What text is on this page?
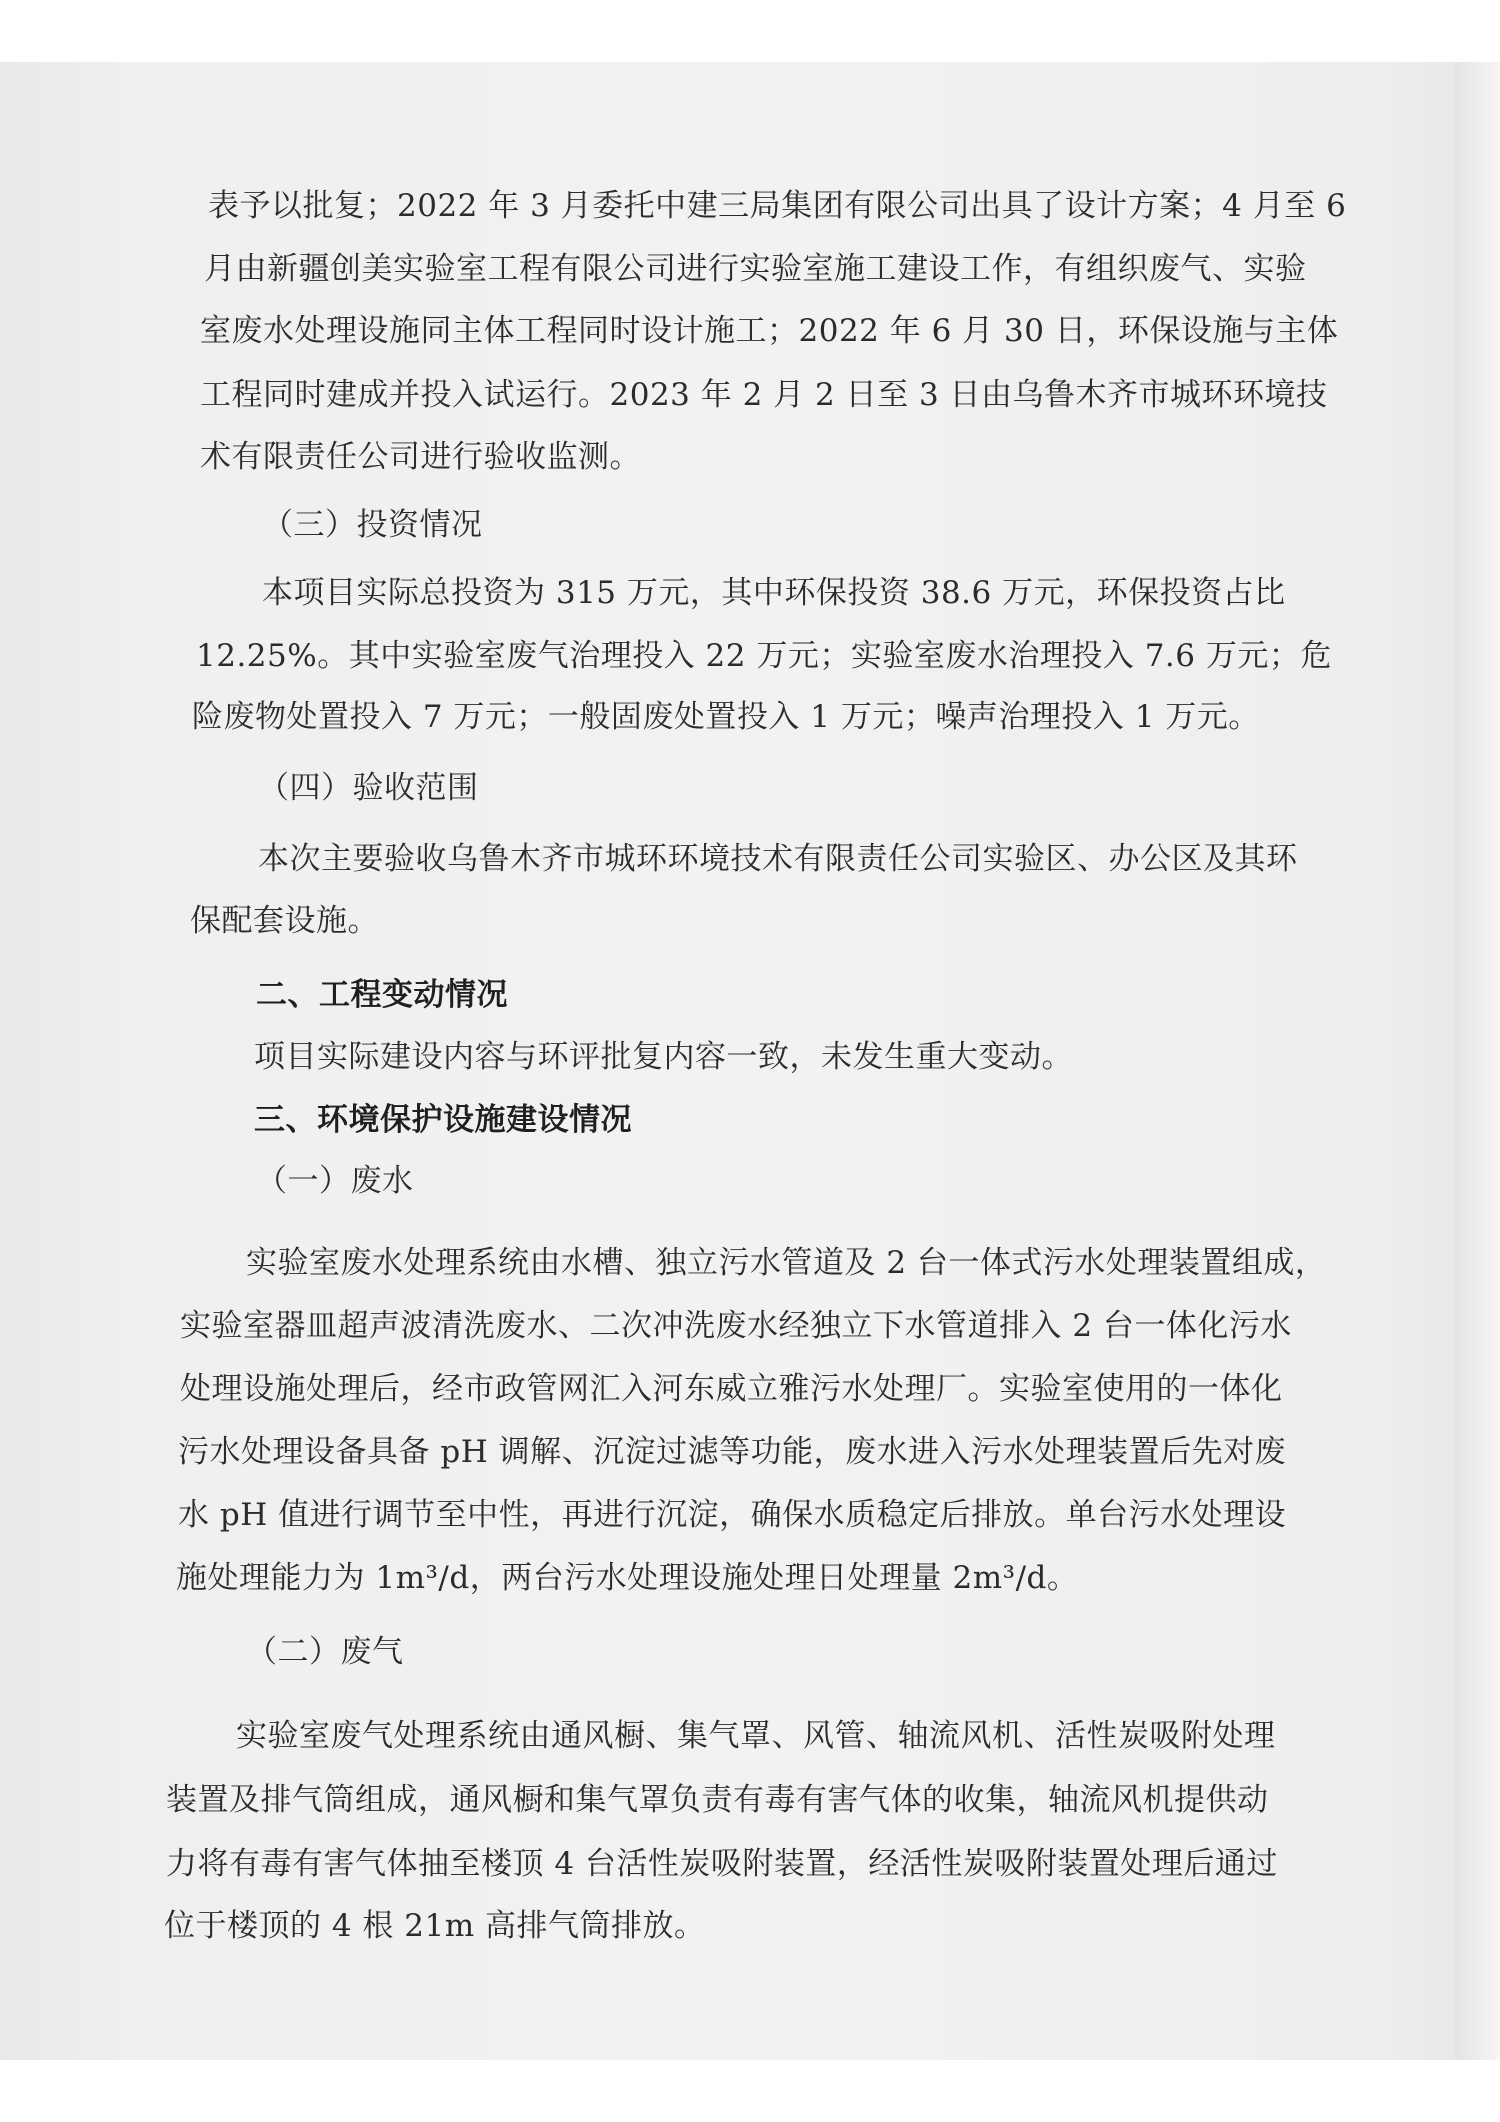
表予以批复；2022 年 3 月委托中建三局集团有限公司出具了设计方案；4 月至 6

月由新疆创美实验室工程有限公司进行实验室施工建设工作，有组织废气、实验

室废水处理设施同主体工程同时设计施工；2022 年 6 月 30 日，环保设施与主体

工程同时建成并投入试运行。2023 年 2 月 2 日至 3 日由乌鲁木齐市城环环境技

术有限责任公司进行验收监测。

（三）投资情况

本项目实际总投资为 315 万元，其中环保投资 38.6 万元，环保投资占比

12.25%。其中实验室废气治理投入 22 万元；实验室废水治理投入 7.6 万元；危

险废物处置投入 7 万元；一般固废处置投入 1 万元；噪声治理投入 1 万元。

（四）验收范围

本次主要验收乌鲁木齐市城环环境技术有限责任公司实验区、办公区及其环

保配套设施。

二、工程变动情况

项目实际建设内容与环评批复内容一致，未发生重大变动。

三、环境保护设施建设情况

（一）废水

实验室废水处理系统由水槽、独立污水管道及 2 台一体式污水处理装置组成，

实验室器皿超声波清洗废水、二次冲洗废水经独立下水管道排入 2 台一体化污水

处理设施处理后，经市政管网汇入河东威立雅污水处理厂。实验室使用的一体化

污水处理设备具备 pH 调解、沉淀过滤等功能，废水进入污水处理装置后先对废

水 pH 值进行调节至中性，再进行沉淀，确保水质稳定后排放。单台污水处理设

施处理能力为 1m³/d，两台污水处理设施处理日处理量 2m³/d。

（二）废气

实验室废气处理系统由通风橱、集气罩、风管、轴流风机、活性炭吸附处理

装置及排气筒组成，通风橱和集气罩负责有毒有害气体的收集，轴流风机提供动

力将有毒有害气体抽至楼顶 4 台活性炭吸附装置，经活性炭吸附装置处理后通过

位于楼顶的 4 根 21m 高排气筒排放。
